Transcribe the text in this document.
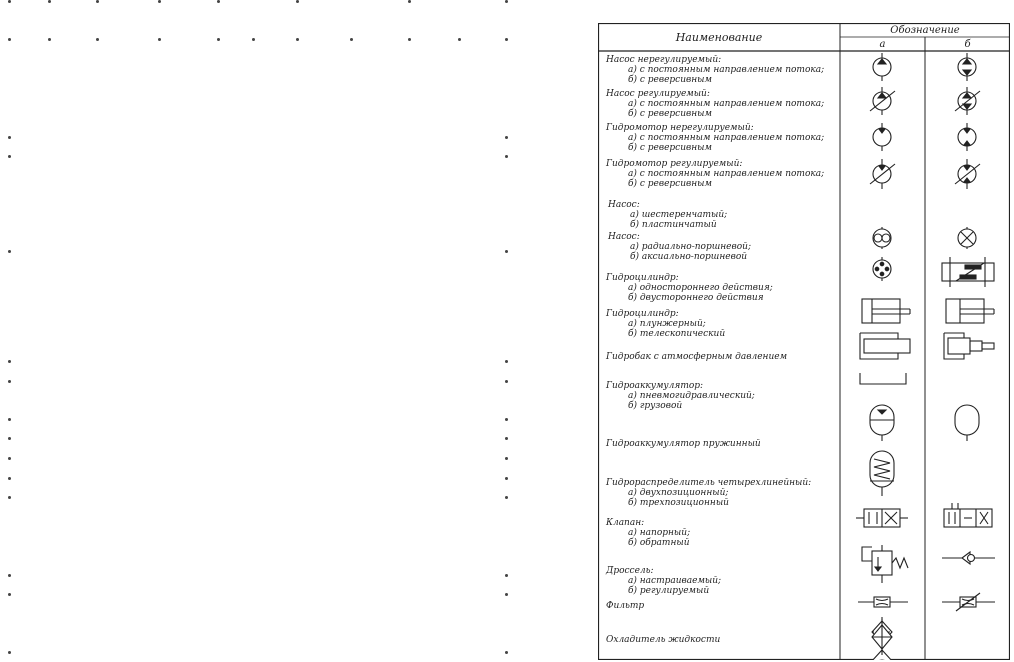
Наименование	Обозначение
а	б
Насос нерегулируемый:
а) с постоянным направлением потока;
б) с реверсивным
Насос регулируемый:
а) с постоянным направлением потока;
б) с реверсивным
Гидромотор нерегулируемый:
а) с постоянным направлением потока;
б) с реверсивным
Гидромотор регулируемый:
а) с постоянным направлением потока;
б) с реверсивным
Насос:
а) шестеренчатый;
б) пластинчатый
Насос:
а) радиально-поршневой;
б) аксиально-поршневой
Гидроцилиндр:
а) одностороннего действия;
б) двустороннего действия
Гидроцилиндр:
а) плунжерный;
б) телескопический
Гидробак с атмосферным давлением
Гидроаккумулятор:
а) пневмогидравлический;
б) грузовой
Гидроаккумулятор пружинный
Гидрораспределитель четырехлинейный:
а) двухпозиционный;
б) трехпозиционный
Клапан:
а) напорный;
б) обратный
Дроссель:
а) настраиваемый;
б) регулируемый
Фильтр
Охладитель жидкости
